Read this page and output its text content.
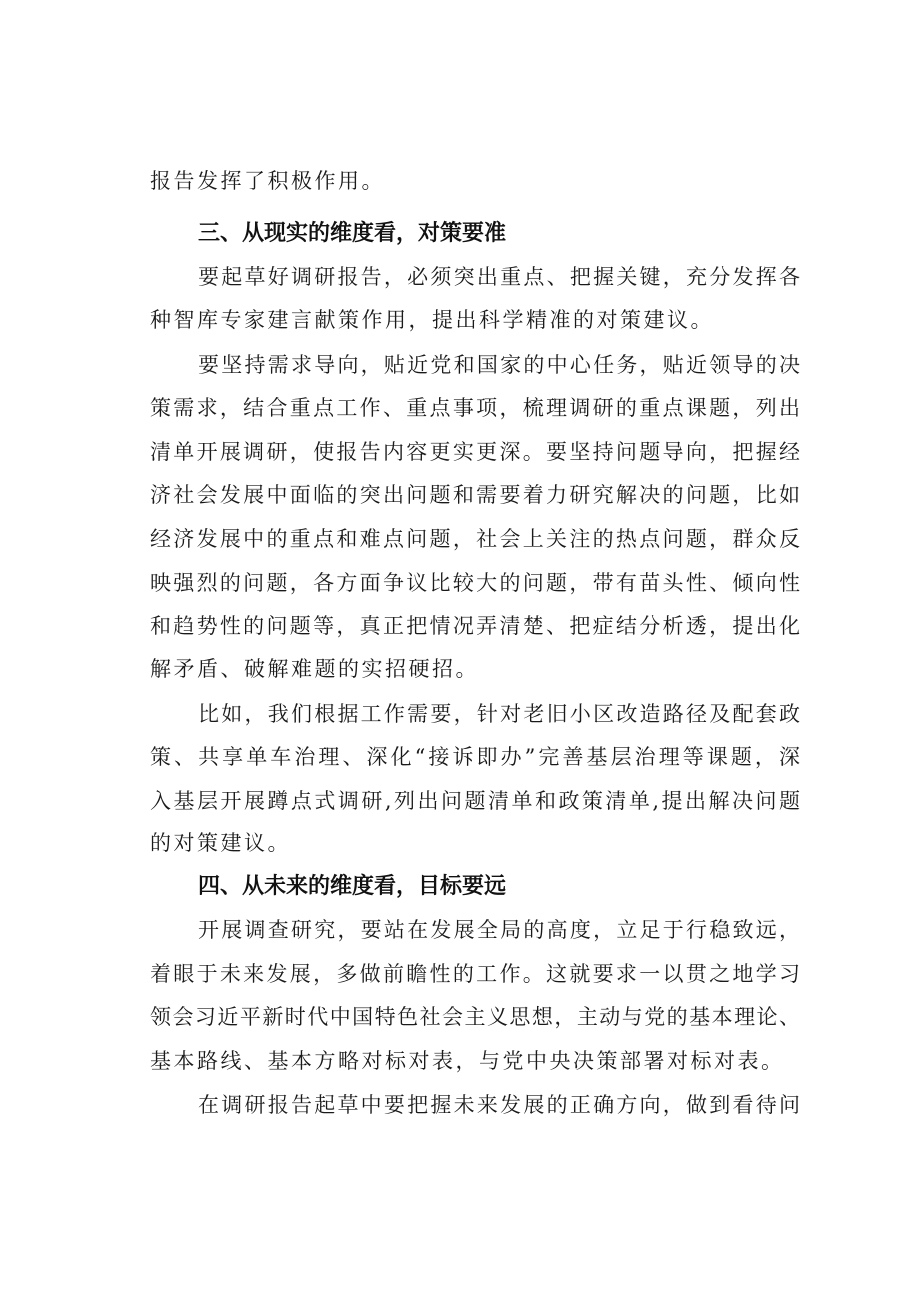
报告发挥了积极作用。

三、从现实的维度看，对策要准

要起草好调研报告，必须突出重点、把握关键，充分发挥各

种智库专家建言献策作用，提出科学精准的对策建议。

要坚持需求导向，贴近党和国家的中心任务，贴近领导的决

策需求，结合重点工作、重点事项，梳理调研的重点课题，列出

清单开展调研，使报告内容更实更深。要坚持问题导向，把握经

济社会发展中面临的突出问题和需要着力研究解决的问题，比如

经济发展中的重点和难点问题，社会上关注的热点问题，群众反

映强烈的问题，各方面争议比较大的问题，带有苗头性、倾向性

和趋势性的问题等，真正把情况弄清楚、把症结分析透，提出化

解矛盾、破解难题的实招硬招。

比如，我们根据工作需要，针对老旧小区改造路径及配套政

策、共享单车治理、深化“接诉即办”完善基层治理等课题，深

入基层开展蹲点式调研,列出问题清单和政策清单,提出解决问题

的对策建议。

四、从未来的维度看，目标要远

开展调查研究，要站在发展全局的高度，立足于行稳致远，

着眼于未来发展，多做前瞻性的工作。这就要求一以贯之地学习

领会习近平新时代中国特色社会主义思想，主动与党的基本理论、

基本路线、基本方略对标对表，与党中央决策部署对标对表。

在调研报告起草中要把握未来发展的正确方向，做到看待问
